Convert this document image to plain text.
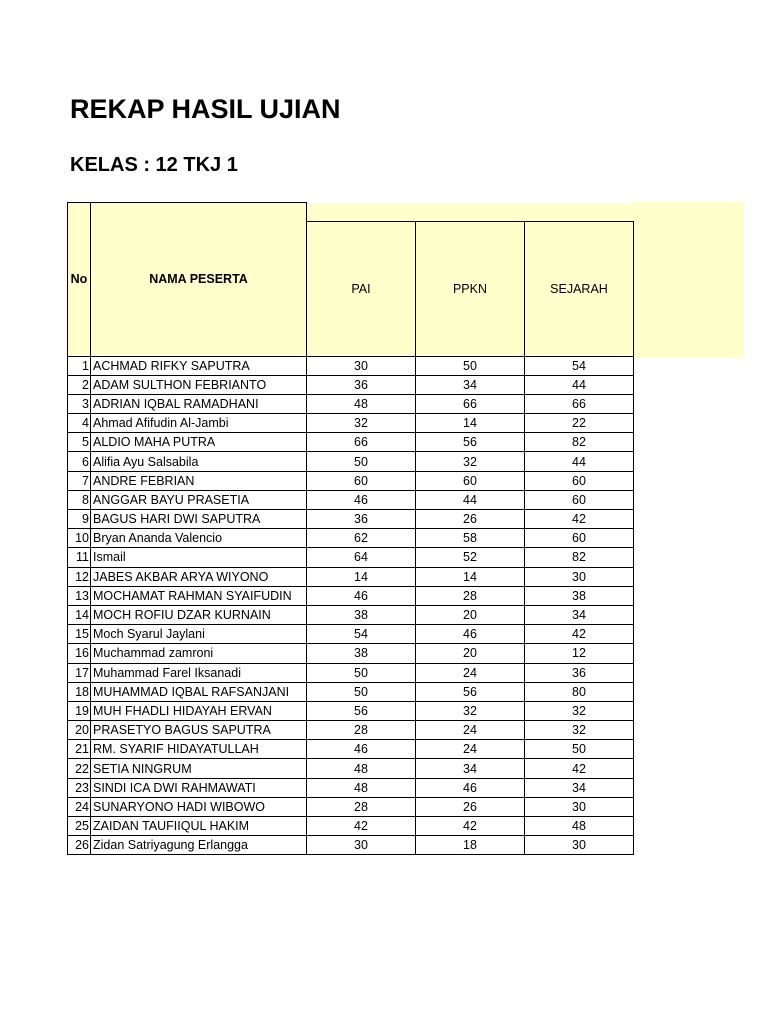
REKAP HASIL UJIAN
KELAS : 12 TKJ 1
No	NAMA PESERTA			
		PAI	PPKN	SEJARAH
1	ACHMAD RIFKY SAPUTRA	30	50	54
2	ADAM SULTHON FEBRIANTO	36	34	44
3	ADRIAN IQBAL RAMADHANI	48	66	66
4	Ahmad Afifudin Al-Jambi	32	14	22
5	ALDIO MAHA PUTRA	66	56	82
6	Alifia Ayu Salsabila	50	32	44
7	ANDRE FEBRIAN	60	60	60
8	ANGGAR BAYU PRASETIA	46	44	60
9	BAGUS HARI DWI SAPUTRA	36	26	42
10	Bryan Ananda Valencio	62	58	60
11	Ismail	64	52	82
12	JABES AKBAR ARYA WIYONO	14	14	30
13	MOCHAMAT RAHMAN SYAIFUDIN	46	28	38
14	MOCH ROFIU DZAR KURNAIN	38	20	34
15	Moch Syarul Jaylani	54	46	42
16	Muchammad zamroni	38	20	12
17	Muhammad Farel Iksanadi	50	24	36
18	MUHAMMAD IQBAL RAFSANJANI	50	56	80
19	MUH FHADLI HIDAYAH ERVAN	56	32	32
20	PRASETYO BAGUS SAPUTRA	28	24	32
21	RM. SYARIF HIDAYATULLAH	46	24	50
22	SETIA NINGRUM	48	34	42
23	SINDI ICA DWI RAHMAWATI	48	46	34
24	SUNARYONO HADI WIBOWO	28	26	30
25	ZAIDAN TAUFIIQUL HAKIM	42	42	48
26	Zidan Satriyagung Erlangga	30	18	30
